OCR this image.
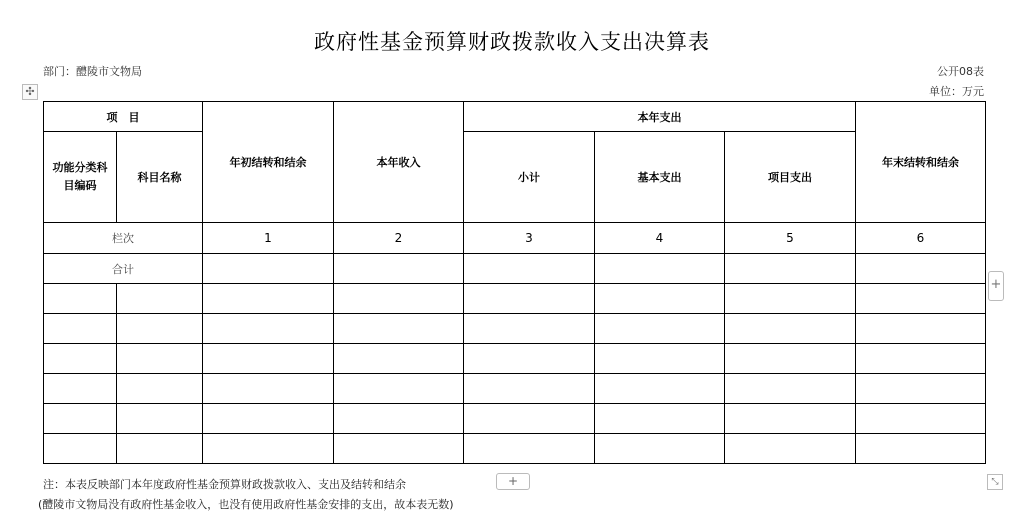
政府性基金预算财政拨款收入支出决算表
部门：醴陵市文物局	公开08表
单位：万元
✣
项　目		年初结转和结余	本年收入	本年支出			年末结转和结余
功能分类科目编码	科目名称			小计	基本支出	项目支出	
栏次		1	2	3	4	5	6
合计							

+
注：本表反映部门本年度政府性基金预算财政拨款收入、支出及结转和结余	+	⤡
(醴陵市文物局没有政府性基金收入，也没有使用政府性基金安排的支出，故本表无数)
